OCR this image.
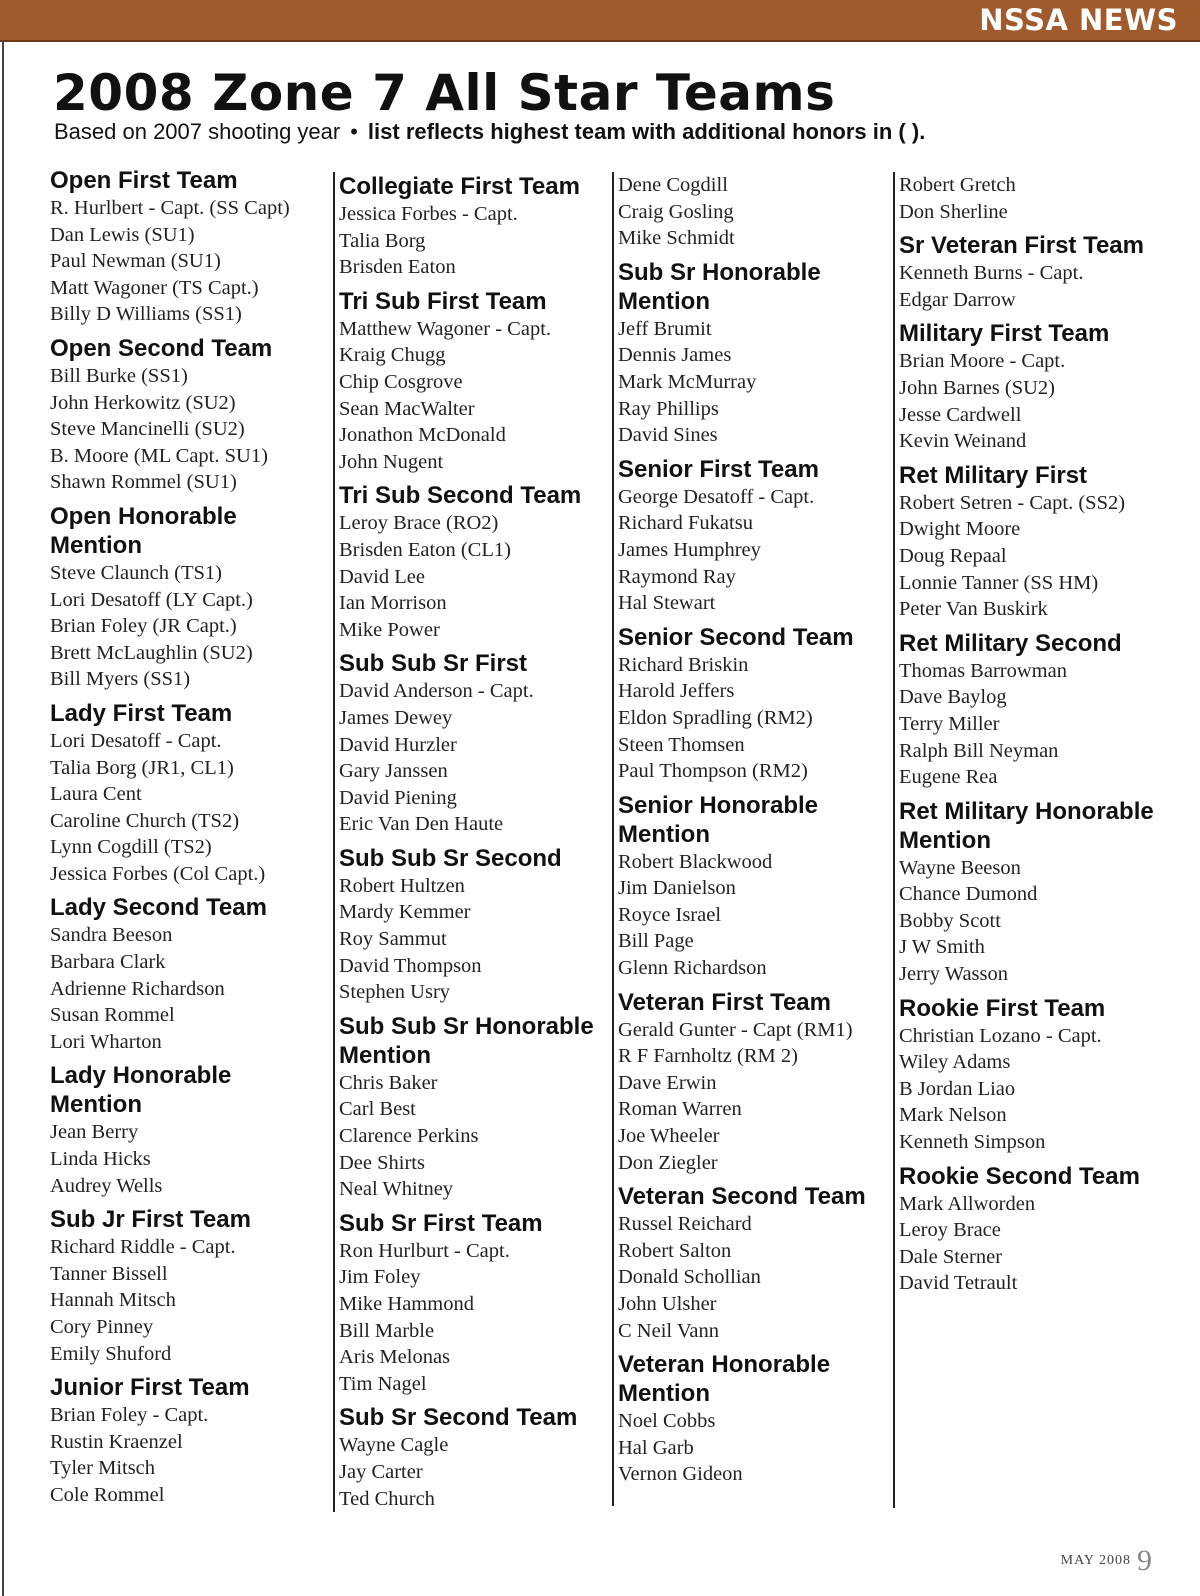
NSSA NEWS
2008 Zone 7 All Star Teams
Based on 2007 shooting year • list reflects highest team with additional honors in ( ).
Open First Team
R. Hurlbert - Capt. (SS Capt)
Dan Lewis (SU1)
Paul Newman (SU1)
Matt Wagoner (TS Capt.)
Billy D Williams (SS1)
Open Second Team
Bill Burke (SS1)
John Herkowitz (SU2)
Steve Mancinelli (SU2)
B. Moore (ML Capt. SU1)
Shawn Rommel (SU1)
Open Honorable Mention
Steve Claunch (TS1)
Lori Desatoff (LY Capt.)
Brian Foley (JR Capt.)
Brett McLaughlin (SU2)
Bill Myers (SS1)
Lady First Team
Lori Desatoff - Capt.
Talia Borg (JR1, CL1)
Laura Cent
Caroline Church (TS2)
Lynn Cogdill (TS2)
Jessica Forbes (Col Capt.)
Lady Second Team
Sandra Beeson
Barbara Clark
Adrienne Richardson
Susan Rommel
Lori Wharton
Lady Honorable Mention
Jean Berry
Linda Hicks
Audrey Wells
Sub Jr First Team
Richard Riddle - Capt.
Tanner Bissell
Hannah Mitsch
Cory Pinney
Emily Shuford
Junior First Team
Brian Foley - Capt.
Rustin Kraenzel
Tyler Mitsch
Cole Rommel
Collegiate First Team
Jessica Forbes - Capt.
Talia Borg
Brisden Eaton
Tri Sub First Team
Matthew Wagoner - Capt.
Kraig Chugg
Chip Cosgrove
Sean MacWalter
Jonathon McDonald
John Nugent
Tri Sub Second Team
Leroy Brace (RO2)
Brisden Eaton (CL1)
David Lee
Ian Morrison
Mike Power
Sub Sub Sr First
David Anderson - Capt.
James Dewey
David Hurzler
Gary Janssen
David Piening
Eric Van Den Haute
Sub Sub Sr Second
Robert Hultzen
Mardy Kemmer
Roy Sammut
David Thompson
Stephen Usry
Sub Sub Sr Honorable Mention
Chris Baker
Carl Best
Clarence Perkins
Dee Shirts
Neal Whitney
Sub Sr First Team
Ron Hurlburt - Capt.
Jim Foley
Mike Hammond
Bill Marble
Aris Melonas
Tim Nagel
Sub Sr Second Team
Wayne Cagle
Jay Carter
Ted Church
Dene Cogdill
Craig Gosling
Mike Schmidt
Sub Sr Honorable Mention
Jeff Brumit
Dennis James
Mark McMurray
Ray Phillips
David Sines
Senior First Team
George Desatoff - Capt.
Richard Fukatsu
James Humphrey
Raymond Ray
Hal Stewart
Senior Second Team
Richard Briskin
Harold Jeffers
Eldon Spradling (RM2)
Steen Thomsen
Paul Thompson (RM2)
Senior Honorable Mention
Robert Blackwood
Jim Danielson
Royce Israel
Bill Page
Glenn Richardson
Veteran First Team
Gerald Gunter - Capt (RM1)
R F Farnholtz (RM 2)
Dave Erwin
Roman Warren
Joe Wheeler
Don Ziegler
Veteran Second Team
Russel Reichard
Robert Salton
Donald Schollian
John Ulsher
C Neil Vann
Veteran Honorable Mention
Noel Cobbs
Hal Garb
Vernon Gideon
Robert Gretch
Don Sherline
Sr Veteran First Team
Kenneth Burns - Capt.
Edgar Darrow
Military First Team
Brian Moore - Capt.
John Barnes (SU2)
Jesse Cardwell
Kevin Weinand
Ret Military First
Robert Setren - Capt. (SS2)
Dwight Moore
Doug Repaal
Lonnie Tanner (SS HM)
Peter Van Buskirk
Ret Military Second
Thomas Barrowman
Dave Baylog
Terry Miller
Ralph Bill Neyman
Eugene Rea
Ret Military Honorable Mention
Wayne Beeson
Chance Dumond
Bobby Scott
J W Smith
Jerry Wasson
Rookie First Team
Christian Lozano - Capt.
Wiley Adams
B Jordan Liao
Mark Nelson
Kenneth Simpson
Rookie Second Team
Mark Allworden
Leroy Brace
Dale Sterner
David Tetrault
MAY 2008 9
